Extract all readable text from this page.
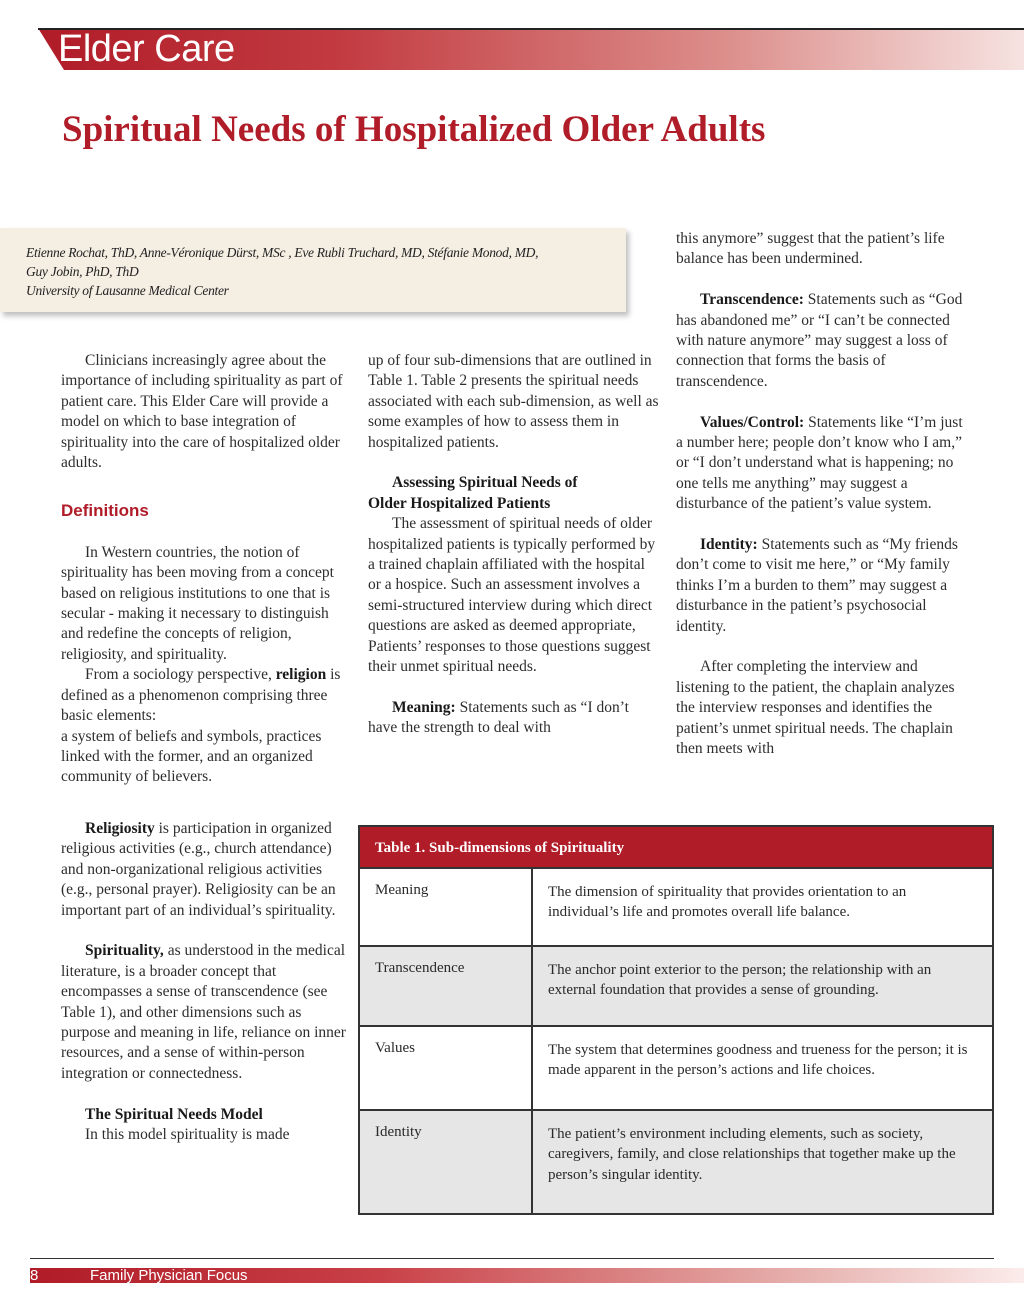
Elder Care
Spiritual Needs of Hospitalized Older Adults

Etienne Rochat, ThD, Anne-Véronique Dürst, MSc , Eve Rubli Truchard, MD, Stéfanie Monod, MD,

Guy Jobin, PhD, ThD

University of Lausanne Medical Center

Clinicians increasingly agree about the importance of including spirituality as part of patient care. This Elder Care will provide a model on which to base integration of spirituality into the care of hospitalized older adults.

Definitions

In Western countries, the notion of spirituality has been moving from a concept based on religious institutions to one that is secular - making it necessary to distinguish and redefine the concepts of religion, religiosity, and spirituality.

From a sociology perspective, religion is defined as a phenomenon comprising three basic elements:

a system of beliefs and symbols, practices linked with the former, and an organized community of believers.

Religiosity is participation in organized religious activities (e.g., church attendance) and non-organizational religious activities (e.g., personal prayer). Religiosity can be an important part of an individual’s spirituality.

Spirituality, as understood in the medical literature, is a broader concept that encompasses a sense of transcendence (see Table 1), and other dimensions such as purpose and meaning in life, reliance on inner resources, and a sense of within-person integration or connectedness.

The Spiritual Needs Model

In this model spirituality is made

up of four sub-dimensions that are outlined in Table 1. Table 2 presents the spiritual needs associated with each sub-dimension, as well as some examples of how to assess them in hospitalized patients.

Assessing Spiritual Needs of

Older Hospitalized Patients

The assessment of spiritual needs of older hospitalized patients is typically performed by a trained chaplain affiliated with the hospital or a hospice. Such an assessment involves a semi-structured interview during which direct questions are asked as deemed appropriate, Patients’ responses to those questions suggest their unmet spiritual needs.

Meaning: Statements such as “I don’t have the strength to deal with

this anymore” suggest that the patient’s life balance has been undermined.

Transcendence: Statements such as “God has abandoned me” or “I can’t be connected with nature anymore” may suggest a loss of connection that forms the basis of transcendence.

Values/Control: Statements like “I’m just a number here; people don’t know who I am,” or “I don’t understand what is happening; no one tells me anything” may suggest a disturbance of the patient’s value system.

Identity: Statements such as “My friends don’t come to visit me here,” or “My family thinks I’m a burden to them” may suggest a disturbance in the patient’s psychosocial identity.

After completing the interview and listening to the patient, the chaplain analyzes the interview responses and identifies the patient’s unmet spiritual needs. The chaplain then meets with

Table 1. Sub-dimensions of Spirituality
Meaning	The dimension of spirituality that provides orientation to an individual’s life and promotes overall life balance.
Transcendence	The anchor point exterior to the person; the relationship with an external foundation that provides a sense of grounding.
Values	The system that determines goodness and trueness for the person; it is made apparent in the person’s actions and life choices.
Identity	The patient’s environment including elements, such as society, caregivers, family, and close relationships that together make up the person’s singular identity.
8	Family Physician Focus
